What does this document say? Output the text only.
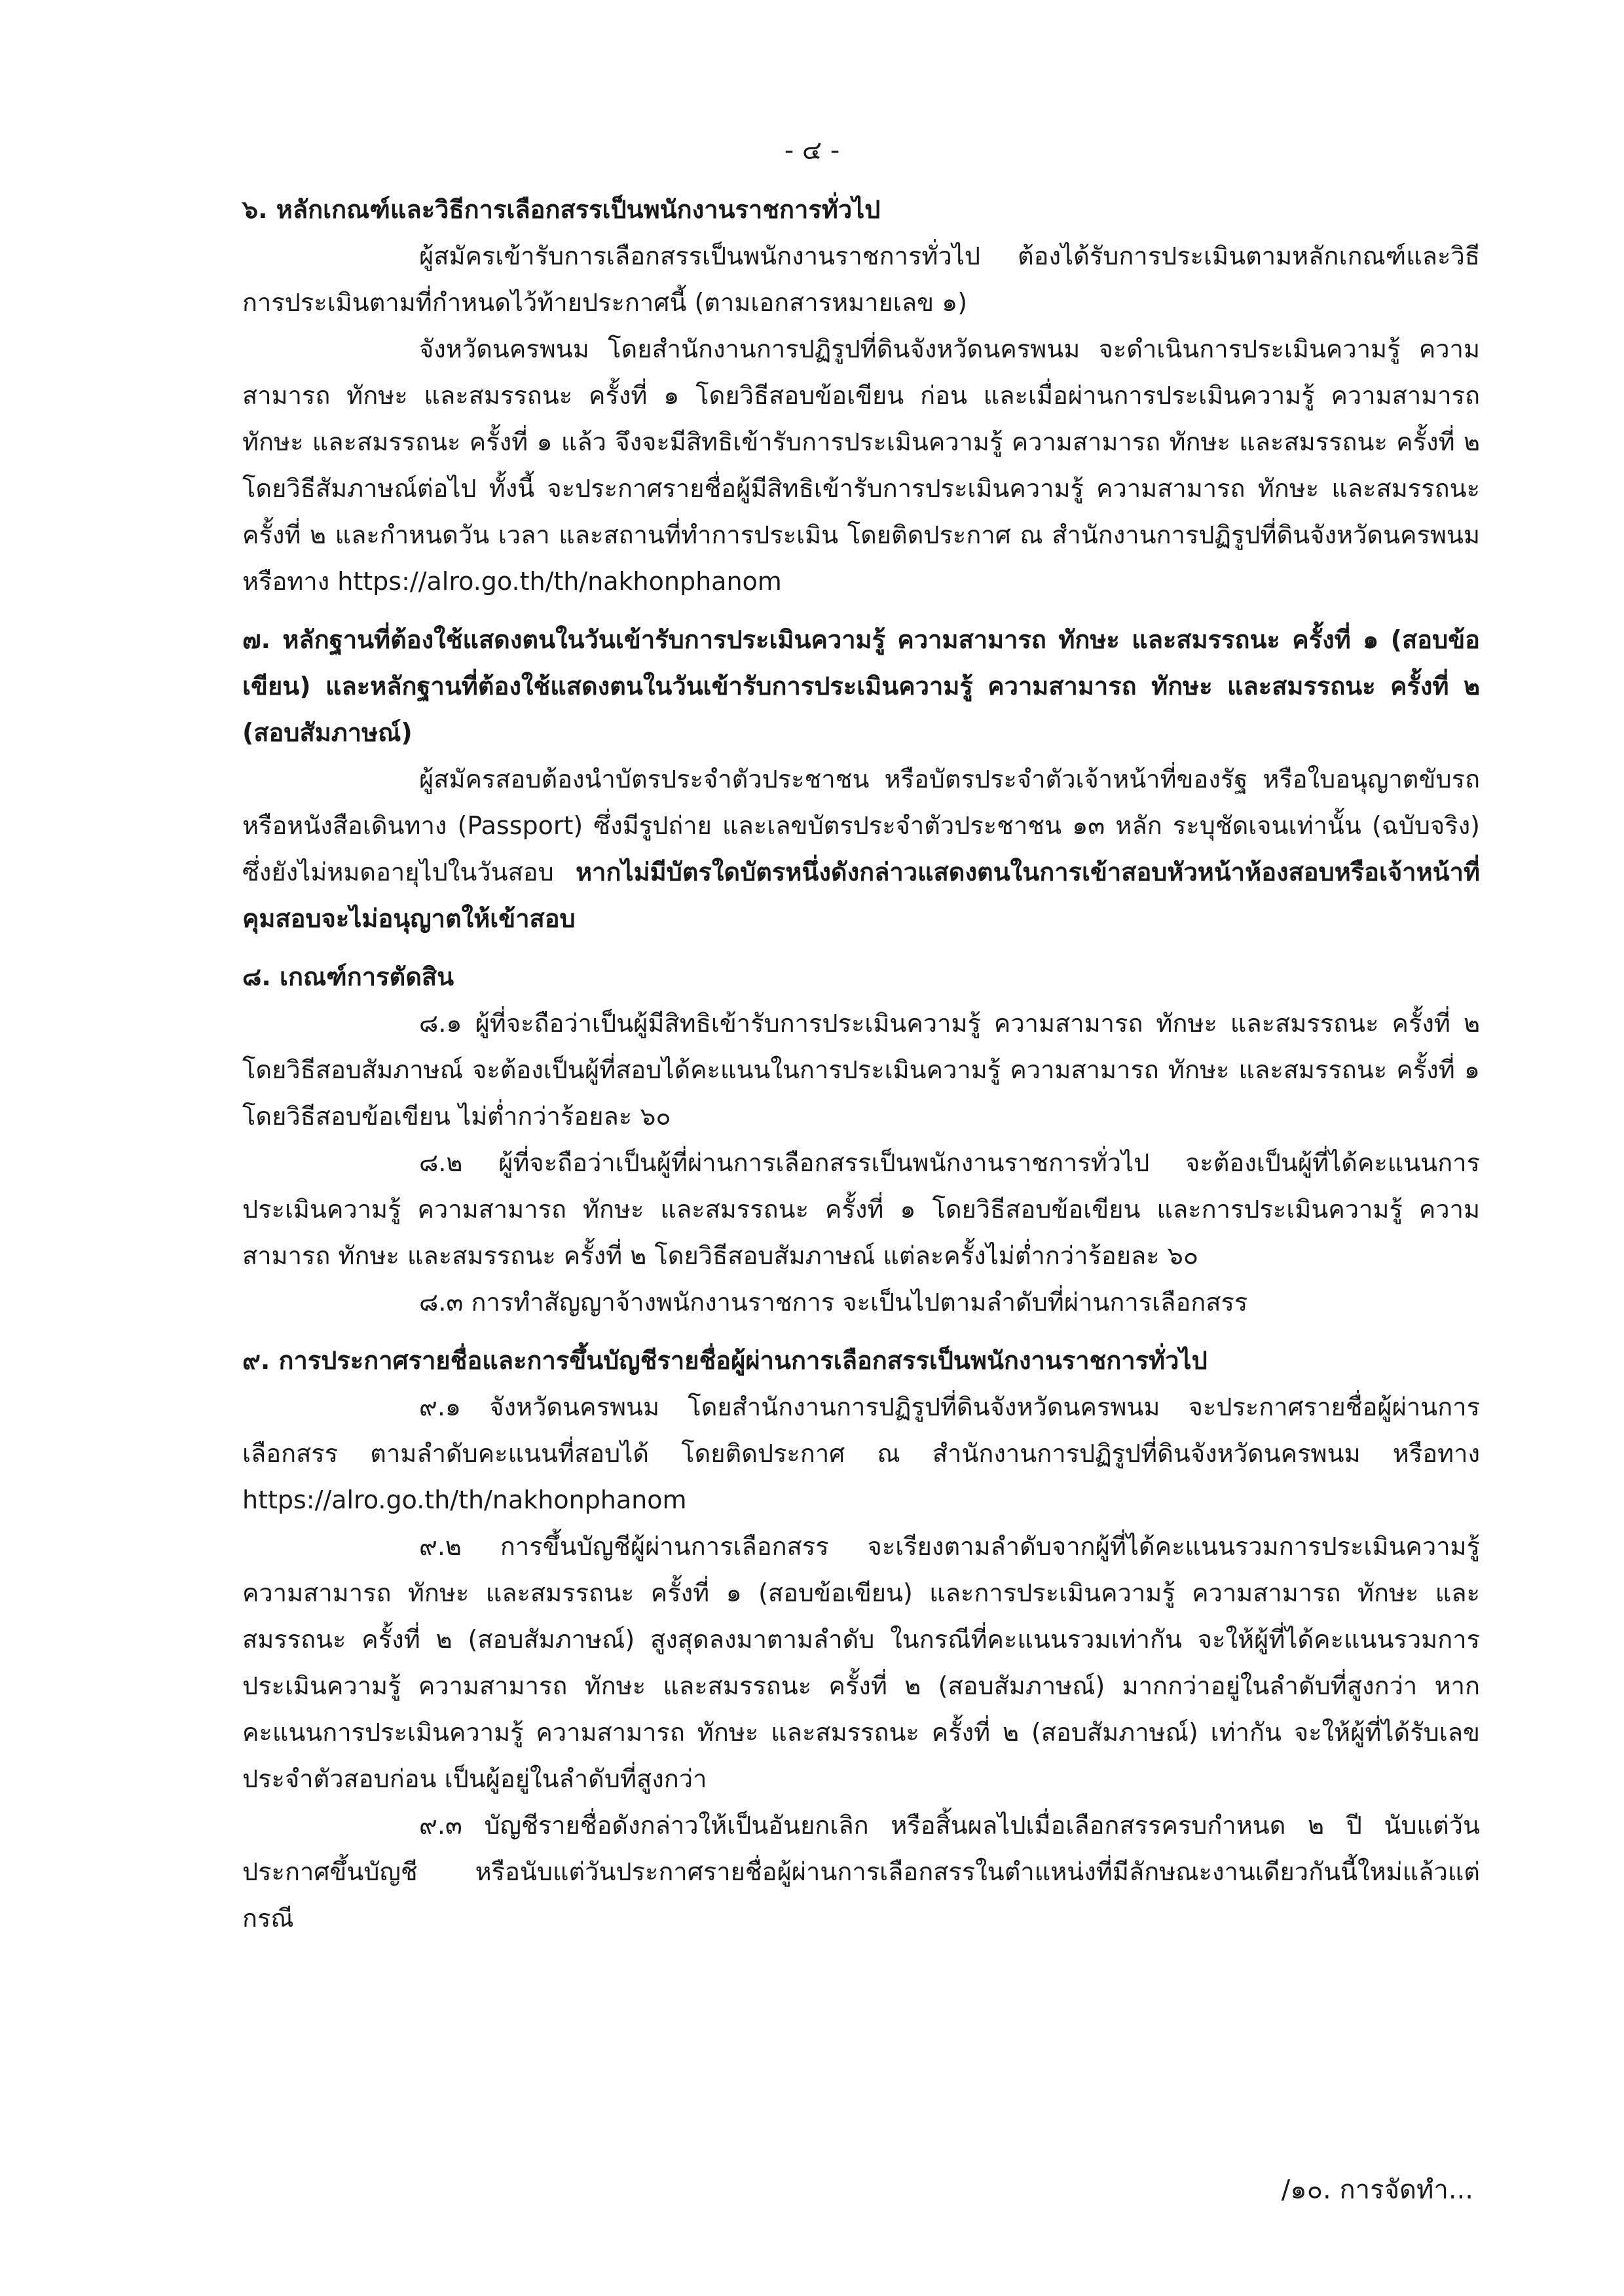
- ๔ -

๖. หลักเกณฑ์และวิธีการเลือกสรรเป็นพนักงานราชการทั่วไป

ผู้สมัครเข้ารับการเลือกสรรเป็นพนักงานราชการทั่วไป ต้องได้รับการประเมินตามหลักเกณฑ์และวิธีการประเมินตามที่กำหนดไว้ท้ายประกาศนี้ (ตามเอกสารหมายเลข ๑)

จังหวัดนครพนม โดยสำนักงานการปฏิรูปที่ดินจังหวัดนครพนม จะดำเนินการประเมินความรู้ ความสามารถ ทักษะ และสมรรถนะ ครั้งที่ ๑ โดยวิธีสอบข้อเขียน ก่อน และเมื่อผ่านการประเมินความรู้ ความสามารถ ทักษะ และสมรรถนะ ครั้งที่ ๑ แล้ว จึงจะมีสิทธิเข้ารับการประเมินความรู้ ความสามารถ ทักษะ และสมรรถนะ ครั้งที่ ๒ โดยวิธีสัมภาษณ์ต่อไป ทั้งนี้ จะประกาศรายชื่อผู้มีสิทธิเข้ารับการประเมินความรู้ ความสามารถ ทักษะ และสมรรถนะ ครั้งที่ ๒ และกำหนดวัน เวลา และสถานที่ทำการประเมิน โดยติดประกาศ ณ สำนักงานการปฏิรูปที่ดินจังหวัดนครพนม หรือทาง https://alro.go.th/th/nakhonphanom

๗. หลักฐานที่ต้องใช้แสดงตนในวันเข้ารับการประเมินความรู้ ความสามารถ ทักษะ และสมรรถนะ ครั้งที่ ๑ (สอบข้อเขียน) และหลักฐานที่ต้องใช้แสดงตนในวันเข้ารับการประเมินความรู้ ความสามารถ ทักษะ และสมรรถนะ ครั้งที่ ๒ (สอบสัมภาษณ์)

ผู้สมัครสอบต้องนำบัตรประจำตัวประชาชน หรือบัตรประจำตัวเจ้าหน้าที่ของรัฐ หรือใบอนุญาตขับรถหรือหนังสือเดินทาง (Passport) ซึ่งมีรูปถ่าย และเลขบัตรประจำตัวประชาชน ๑๓ หลัก ระบุชัดเจนเท่านั้น (ฉบับจริง) ซึ่งยังไม่หมดอายุไปในวันสอบ หากไม่มีบัตรใดบัตรหนึ่งดังกล่าวแสดงตนในการเข้าสอบหัวหน้าห้องสอบหรือเจ้าหน้าที่คุมสอบจะไม่อนุญาตให้เข้าสอบ

๘. เกณฑ์การตัดสิน

๘.๑ ผู้ที่จะถือว่าเป็นผู้มีสิทธิเข้ารับการประเมินความรู้ ความสามารถ ทักษะ และสมรรถนะ ครั้งที่ ๒ โดยวิธีสอบสัมภาษณ์ จะต้องเป็นผู้ที่สอบได้คะแนนในการประเมินความรู้ ความสามารถ ทักษะ และสมรรถนะ ครั้งที่ ๑ โดยวิธีสอบข้อเขียน ไม่ต่ำกว่าร้อยละ ๖๐

๘.๒ ผู้ที่จะถือว่าเป็นผู้ที่ผ่านการเลือกสรรเป็นพนักงานราชการทั่วไป จะต้องเป็นผู้ที่ได้คะแนนการประเมินความรู้ ความสามารถ ทักษะ และสมรรถนะ ครั้งที่ ๑ โดยวิธีสอบข้อเขียน และการประเมินความรู้ ความสามารถ ทักษะ และสมรรถนะ ครั้งที่ ๒ โดยวิธีสอบสัมภาษณ์ แต่ละครั้งไม่ต่ำกว่าร้อยละ ๖๐

๘.๓ การทำสัญญาจ้างพนักงานราชการ จะเป็นไปตามลำดับที่ผ่านการเลือกสรร

๙. การประกาศรายชื่อและการขึ้นบัญชีรายชื่อผู้ผ่านการเลือกสรรเป็นพนักงานราชการทั่วไป

๙.๑ จังหวัดนครพนม โดยสำนักงานการปฏิรูปที่ดินจังหวัดนครพนม จะประกาศรายชื่อผู้ผ่านการเลือกสรร ตามลำดับคะแนนที่สอบได้ โดยติดประกาศ ณ สำนักงานการปฏิรูปที่ดินจังหวัดนครพนม หรือทาง https://alro.go.th/th/nakhonphanom

๙.๒ การขึ้นบัญชีผู้ผ่านการเลือกสรร จะเรียงตามลำดับจากผู้ที่ได้คะแนนรวมการประเมินความรู้ ความสามารถ ทักษะ และสมรรถนะ ครั้งที่ ๑ (สอบข้อเขียน) และการประเมินความรู้ ความสามารถ ทักษะ และสมรรถนะ ครั้งที่ ๒ (สอบสัมภาษณ์) สูงสุดลงมาตามลำดับ ในกรณีที่คะแนนรวมเท่ากัน จะให้ผู้ที่ได้คะแนนรวมการประเมินความรู้ ความสามารถ ทักษะ และสมรรถนะ ครั้งที่ ๒ (สอบสัมภาษณ์) มากกว่าอยู่ในลำดับที่สูงกว่า หากคะแนนการประเมินความรู้ ความสามารถ ทักษะ และสมรรถนะ ครั้งที่ ๒ (สอบสัมภาษณ์) เท่ากัน จะให้ผู้ที่ได้รับเลขประจำตัวสอบก่อน เป็นผู้อยู่ในลำดับที่สูงกว่า

๙.๓ บัญชีรายชื่อดังกล่าวให้เป็นอันยกเลิก หรือสิ้นผลไปเมื่อเลือกสรรครบกำหนด ๒ ปี นับแต่วันประกาศขึ้นบัญชี หรือนับแต่วันประกาศรายชื่อผู้ผ่านการเลือกสรรในตำแหน่งที่มีลักษณะงานเดียวกันนี้ใหม่แล้วแต่กรณี

/๑๐. การจัดทำ...
